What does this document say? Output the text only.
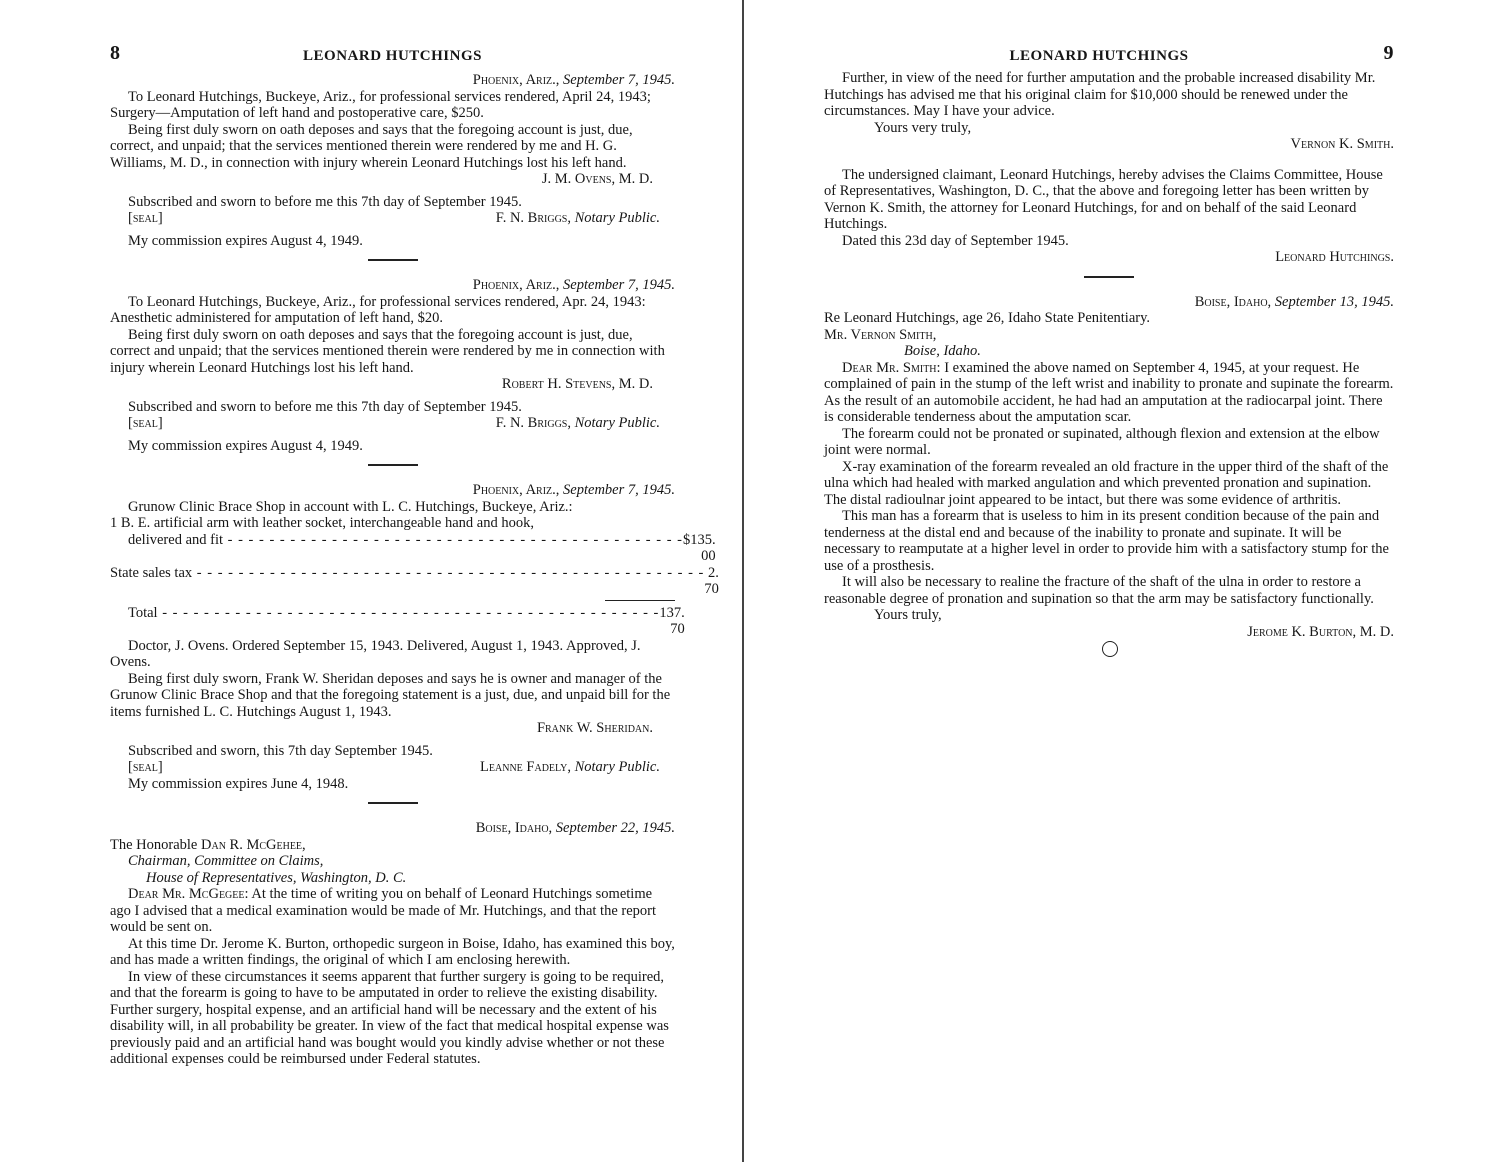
8	LEONARD HUTCHINGS

Phoenix, Ariz., September 7, 1945.

To Leonard Hutchings, Buckeye, Ariz., for professional services rendered, April 24, 1943; Surgery—Amputation of left hand and postoperative care, $250.

Being first duly sworn on oath deposes and says that the foregoing account is just, due, correct, and unpaid; that the services mentioned therein were rendered by me and H. G. Williams, M. D., in connection with injury wherein Leonard Hutchings lost his left hand.

J. M. Ovens, M. D.

Subscribed and sworn to before me this 7th day of September 1945.

[seal]	F. N. Briggs, Notary Public.

My commission expires August 4, 1949.

Phoenix, Ariz., September 7, 1945.

To Leonard Hutchings, Buckeye, Ariz., for professional services rendered, Apr. 24, 1943: Anesthetic administered for amputation of left hand, $20.

Being first duly sworn on oath deposes and says that the foregoing account is just, due, correct and unpaid; that the services mentioned therein were rendered by me in connection with injury wherein Leonard Hutchings lost his left hand.

Robert H. Stevens, M. D.

Subscribed and sworn to before me this 7th day of September 1945.

[seal]	F. N. Briggs, Notary Public.

My commission expires August 4, 1949.

Phoenix, Ariz., September 7, 1945.

Grunow Clinic Brace Shop in account with L. C. Hutchings, Buckeye, Ariz.:

1 B. E. artificial arm with leather socket, interchangeable hand and hook,
delivered and fit - - - - - - - - - - - - - - - - - - - - - - - - - - - - - - - - - - - - - - - - - - - - $135. 00
State sales tax - - - - - - - - - - - - - - - - - - - - - - - - - - - - - - - - - - - - - - - - - - - - - - - - - 2. 70
Total - - - - - - - - - - - - - - - - - - - - - - - - - - - - - - - - - - - - - - - - - - - - - - - - 137. 70

Doctor, J. Ovens. Ordered September 15, 1943. Delivered, August 1, 1943. Approved, J. Ovens.

Being first duly sworn, Frank W. Sheridan deposes and says he is owner and manager of the Grunow Clinic Brace Shop and that the foregoing statement is a just, due, and unpaid bill for the items furnished L. C. Hutchings August 1, 1943.

Frank W. Sheridan.

Subscribed and sworn, this 7th day September 1945.

[seal]	Leanne Fadely, Notary Public.

My commission expires June 4, 1948.

Boise, Idaho, September 22, 1945.

The Honorable Dan R. McGehee,

Chairman, Committee on Claims,

House of Representatives, Washington, D. C.

Dear Mr. McGegee: At the time of writing you on behalf of Leonard Hutchings sometime ago I advised that a medical examination would be made of Mr. Hutchings, and that the report would be sent on.

At this time Dr. Jerome K. Burton, orthopedic surgeon in Boise, Idaho, has examined this boy, and has made a written findings, the original of which I am enclosing herewith.

In view of these circumstances it seems apparent that further surgery is going to be required, and that the forearm is going to have to be amputated in order to relieve the existing disability. Further surgery, hospital expense, and an artificial hand will be necessary and the extent of his disability will, in all probability be greater. In view of the fact that medical hospital expense was previously paid and an artificial hand was bought would you kindly advise whether or not these additional expenses could be reimbursed under Federal statutes.

LEONARD HUTCHINGS	9

Further, in view of the need for further amputation and the probable increased disability Mr. Hutchings has advised me that his original claim for $10,000 should be renewed under the circumstances. May I have your advice.

Yours very truly,

Vernon K. Smith.

The undersigned claimant, Leonard Hutchings, hereby advises the Claims Committee, House of Representatives, Washington, D. C., that the above and foregoing letter has been written by Vernon K. Smith, the attorney for Leonard Hutchings, for and on behalf of the said Leonard Hutchings.

Dated this 23d day of September 1945.

Leonard Hutchings.

Boise, Idaho, September 13, 1945.

Re Leonard Hutchings, age 26, Idaho State Penitentiary.

Mr. Vernon Smith,

Boise, Idaho.

Dear Mr. Smith: I examined the above named on September 4, 1945, at your request. He complained of pain in the stump of the left wrist and inability to pronate and supinate the forearm. As the result of an automobile accident, he had had an amputation at the radiocarpal joint. There is considerable tenderness about the amputation scar.

The forearm could not be pronated or supinated, although flexion and extension at the elbow joint were normal.

X-ray examination of the forearm revealed an old fracture in the upper third of the shaft of the ulna which had healed with marked angulation and which prevented pronation and supination. The distal radioulnar joint appeared to be intact, but there was some evidence of arthritis.

This man has a forearm that is useless to him in its present condition because of the pain and tenderness at the distal end and because of the inability to pronate and supinate. It will be necessary to reamputate at a higher level in order to provide him with a satisfactory stump for the use of a prosthesis.

It will also be necessary to realine the fracture of the shaft of the ulna in order to restore a reasonable degree of pronation and supination so that the arm may be satisfactory functionally.

Yours truly,

Jerome K. Burton, M. D.
